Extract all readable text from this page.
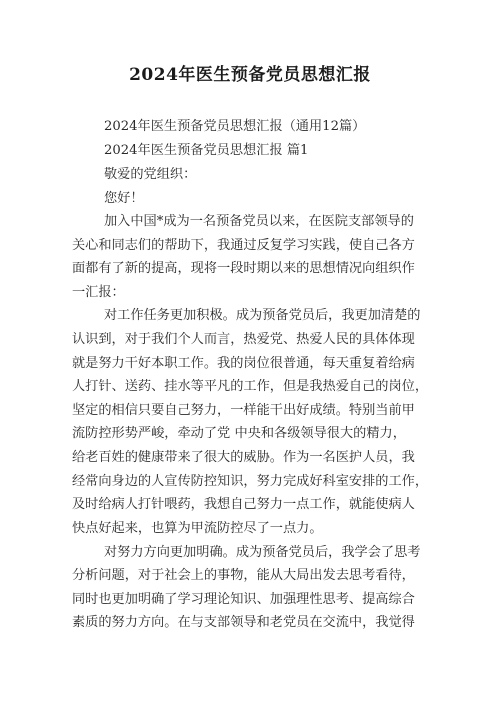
2024年医生预备党员思想汇报
2024年医生预备党员思想汇报（通用12篇）
2024年医生预备党员思想汇报 篇1
敬爱的党组织：
您好！
加入中国*成为一名预备党员以来，在医院支部领导的
关心和同志们的帮助下，我通过反复学习实践，使自己各方
面都有了新的提高，现将一段时期以来的思想情况向组织作
一汇报：
对工作任务更加积极。成为预备党员后，我更加清楚的
认识到，对于我们个人而言，热爱党、热爱人民的具体体现
就是努力干好本职工作。我的岗位很普通，每天重复着给病
人打针、送药、挂水等平凡的工作，但是我热爱自己的岗位，
坚定的相信只要自己努力，一样能干出好成绩。特别当前甲
流防控形势严峻，牵动了党 中央和各级领导很大的精力，
给老百姓的健康带来了很大的威胁。作为一名医护人员，我
经常向身边的人宣传防控知识，努力完成好科室安排的工作，
及时给病人打针喂药，我想自己努力一点工作，就能使病人
快点好起来，也算为甲流防控尽了一点力。
对努力方向更加明确。成为预备党员后，我学会了思考
分析问题，对于社会上的事物，能从大局出发去思考看待，
同时也更加明确了学习理论知识、加强理性思考、提高综合
素质的努力方向。在与支部领导和老党员在交流中，我觉得
